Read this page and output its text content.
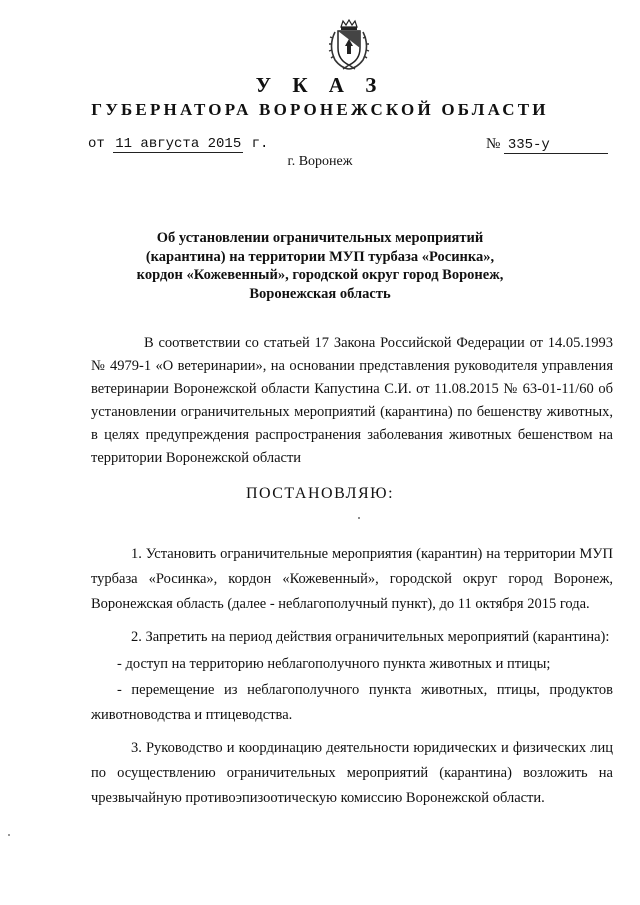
У К А З
ГУБЕРНАТОРА ВОРОНЕЖСКОЙ ОБЛАСТИ
от 11 августа 2015 г.	№ 335-у
г. Воронеж
Об установлении ограничительных мероприятий
(карантина) на территории МУП турбаза «Росинка»,
кордон «Кожевенный», городской округ город Воронеж,
Воронежская область

В соответствии со статьей 17 Закона Российской Федерации от 14.05.1993 № 4979-1 «О ветеринарии», на основании представления руководителя управления ветеринарии Воронежской области Капустина С.И. от 11.08.2015 № 63-01-11/60 об установлении ограничительных мероприятий (карантина) по бешенству животных, в целях предупреждения распространения заболевания животных бешенством на территории Воронежской области

ПОСТАНОВЛЯЮ:

1. Установить ограничительные мероприятия (карантин) на территории МУП турбаза «Росинка», кордон «Кожевенный», городской округ город Воронеж, Воронежская область (далее - неблагополучный пункт), до 11 октября 2015 года.

2. Запретить на период действия ограничительных мероприятий (карантина):

- доступ на территорию неблагополучного пункта животных и птицы;

- перемещение из неблагополучного пункта животных, птицы, продуктов животноводства и птицеводства.

3. Руководство и координацию деятельности юридических и физических лиц по осуществлению ограничительных мероприятий (карантина) возложить на чрезвычайную противоэпизоотическую комиссию Воронежской области.
